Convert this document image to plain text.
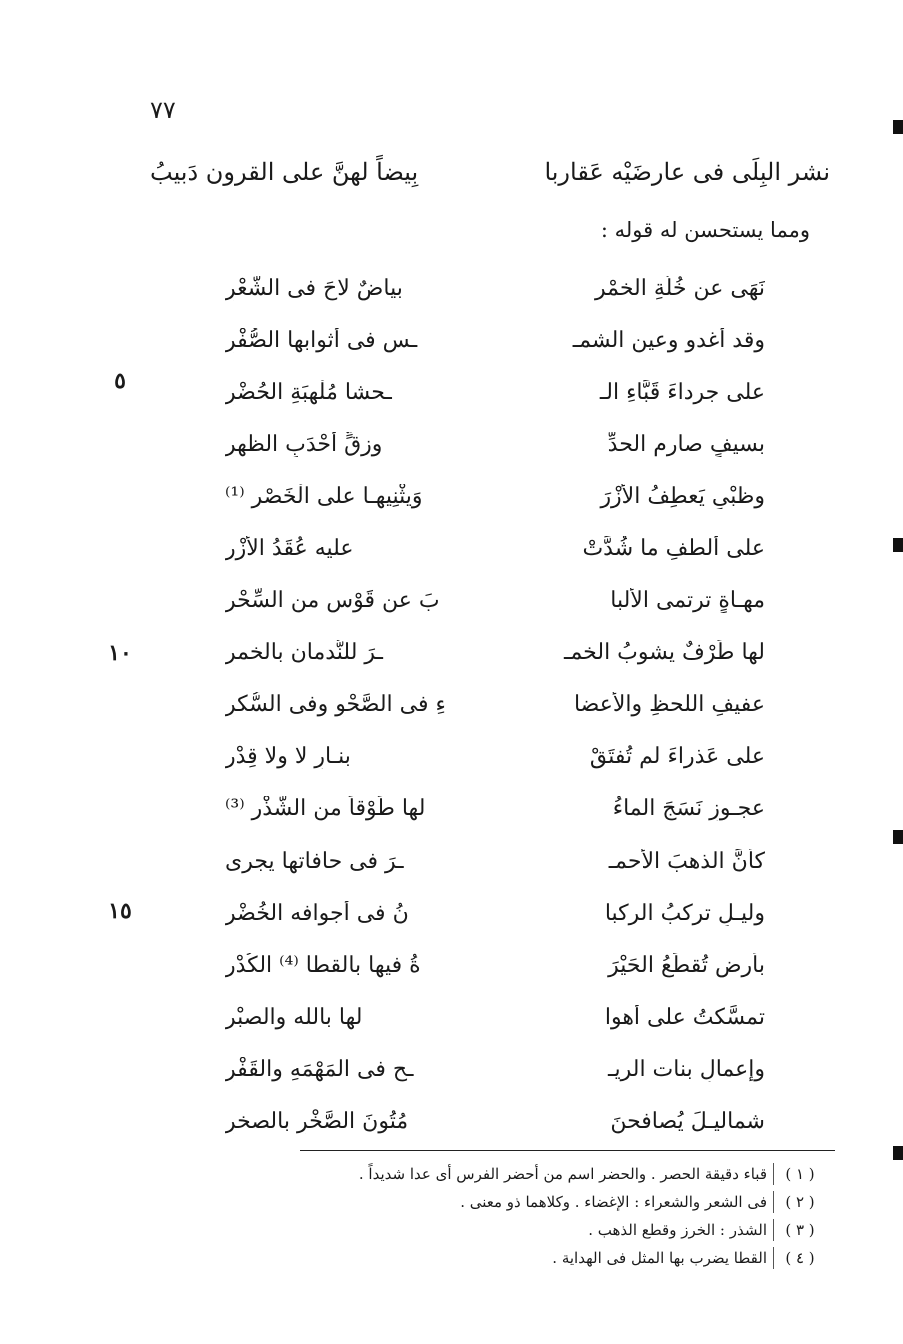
٧٧
نشر البِلَى فى عارضَيْه عَقاربا
بِيضاً لهنَّ على القرون دَبيبُ
ومما يستحسن له قوله :
نَهَى عن خُلَّةِ الخمْرِ
بياضٌ لاحَ فى الشَّعْرِ
وقد أغدو وعين الشمـ
ـس فى أثوابها الصُّفْرِ
على جرداءَ قَبَّاءِ الـ
ـحشا مُلْهِبَةِ الحُضْرِ
بسيفٍ صارمِ الحدِّ
وزقٍّ أحْدَبِ الظهرِ
وظبْىٍ يَعطِفُ الأُزْرَ
وَيثْنِيهـا على الْخَصْرِ ⁽¹⁾
على ألطفِ ما شُدَّتْ
عليه عُقَدُ الأُزْرِ
مهـاةٍ ترتمى الألبا
بَ عن قَوْسٍ من السِّحْرِ
لها طَرْفٌ يشوبُ الخمـ
ـرَ للنُّدمان بالخمرِ
عفيفِ اللحظِ والأعضا
ءِ فى الصَّحْوِ وفى السُّكرِ
على عَذراءَ لم تُفتَقْ
بنـارٍ لا ولا قِدْرِ
عجـوزٍ نَسَجَ الماءُ
لها طَوْقاً من الشَّذْرِ ⁽³⁾
كأنَّ الذهبَ الأحمـ
ـرَ فى حافاتها يجرى
وليـلٍ تركبُ الركبا
نُ فى أجوافه الخُضْرِ
بأرضٍ تُقطَعُ الحَيْرَ
ةُ فيها بالقطا ⁽⁴⁾ الكُدْرِ
تمسَّكتُ على أهوا
لها بالله والصبْرِ
وإعمالِ بنات الريـ
ـحِ فى المَهْمَهِ والقَفْرِ
شماليـلَ يُصافحنَ
مُتُونَ الصَّخْرِ بالصخرِ
٥
١٠
١٥
( ١ )
قباء دقيقة الحصر . والحضر اسم من أحضر الفرس أى عدا شديداً .
( ٢ )
فى الشعر والشعراء : الإغضاء . وكلاهما ذو معنى .
( ٣ )
الشذر : الخرز وقطع الذهب .
( ٤ )
القطا يضرب بها المثل فى الهداية .
